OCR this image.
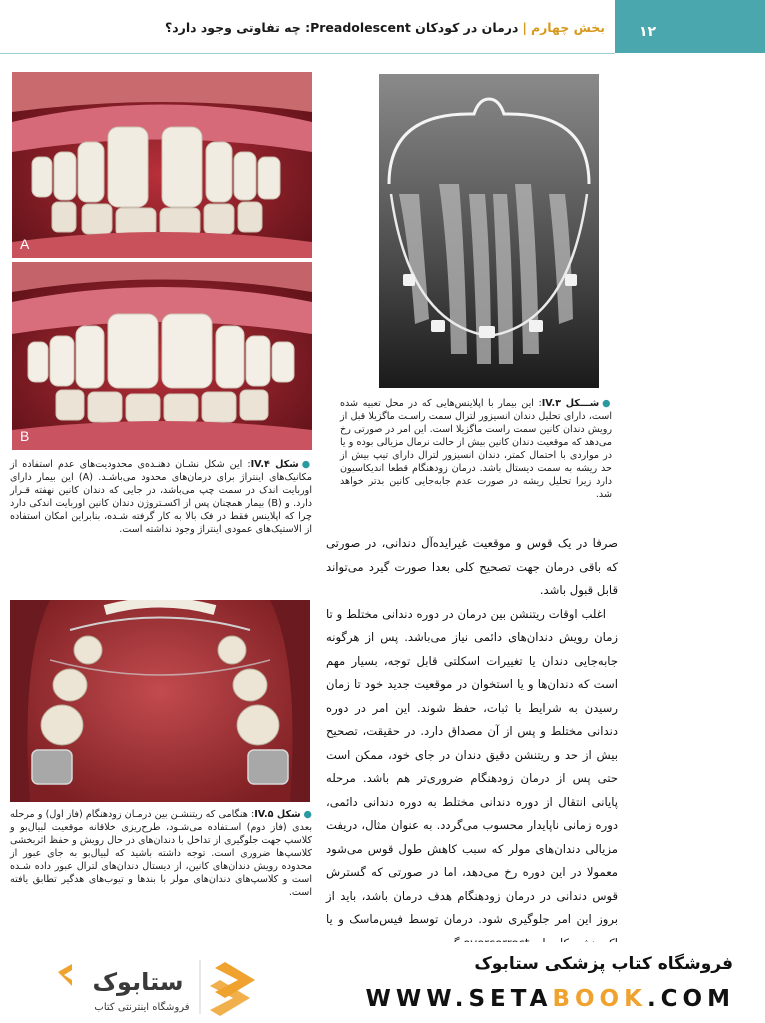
بخش چهارم|درمان در کودکان Preadolescent: چه تفاوتی وجود دارد؟	۱۲
A
B
●شکل IV.۴: این شکل نشـان دهنـده‌ی محدودیت‌های عدم استفاده از مکانیک‌های اینتراژ برای درمان‌های محدود می‌باشـد. (A) این بیمار دارای اوربایت اندک در سمت چپ می‌باشد، در جایی که دندان کانین نهفته قـرار دارد. و (B) بیمار همچنان پس از اکسـتروژن دندان کانین اوربایت اندکی دارد چرا که اپلاینس فقط در فک بالا به کار گرفته شـده، بنابراین امکان استفاده از الاستیک‌های عمودی اینتراژ وجود نداشته است.
●شـــکل IV.۳: این بیمار با اپلاینس‌هایی که در محل تعبیه شده است، دارای تحلیل دندان انسیزور لترال سمت راسـت ماگزیلا قبل از رویش دندان کانین سمت راست ماگزیلا است. این امر در صورتی رخ می‌دهد که موقعیت دندان کانین بیش از حالت نرمال مزیالی بوده و یا در مواردی با احتمال کمتر، دندان انسیزور لترال دارای تیپ بیش از حد ریشه به سمت دیستال باشد. درمان زودهنگام قطعا اندیکاسیون دارد زیرا تحلیل ریشه در صورت عدم جابه‌جایی کانین بدتر خواهد شد.

صرفا در یک قوس و موقعیت غیرایده‌آل دندانی، در صورتی که باقی درمان جهت تصحیح کلی بعدا صورت گیرد می‌تواند قابل قبول باشد.

اغلب اوقات ریتنشن بین درمان در دوره دندانی مختلط و تا زمان رویش دندان‌های دائمی نیاز می‌باشد. پس از هرگونه جابه‌جایی دندان یا تغییرات اسکلتی قابل توجه، بسیار مهم است که دندان‌ها و یا استخوان در موقعیت جدید خود تا زمان رسیدن به شرایط با ثبات، حفظ شوند. این امر در دوره دندانی مختلط و پس از آن مصداق دارد. در حقیقت، تصحیح بیش از حد و ریتنشن دقیق دندان در جای خود، ممکن است حتی پس از درمان زودهنگام ضروری‌تر هم باشد. مرحله پایانی انتقال از دوره دندانی مختلط به دوره دندانی دائمی، دوره زمانی ناپایدار محسوب می‌گردد. به عنوان مثال، دریفت مزیالی دندان‌های مولر که سبب کاهش طول قوس می‌شود معمولا در این دوره رخ می‌دهد، اما در صورتی که گسترش قوس دندانی در درمان زودهنگام هدف درمان باشد، باید از بروز این امر جلوگیری شود. درمان توسط فیس‌ماسک و یا

●شکل IV.۵: هنگامی که ریتنشـن بین درمـان زودهنگام (فاز اول) و مرحله بعدی (فاز دوم) اسـتفاده می‌شـود، طرح‌ریزی خلاقانه موقعیت لبیال‌بو و کلاسپ جهت جلوگیری از تداخل با دندان‌های در حال رویش و حفظ اثربخشی کلاسپ‌ها ضروری است. توجه داشته باشید که لبیال‌بو به جای عبور از محدوده رویش دندان‌های کانین، از دیستال دندان‌های لترال عبور داده شـده است و کلاسپ‌های دندان‌های مولر با بندها و تیوب‌های هدگیر تطابق یافته است.
ستابوک
فروشگاه اینترنتی کتاب
فروشگاه کتاب پزشکی ستابوک
WWW.SETABOOK.COM
